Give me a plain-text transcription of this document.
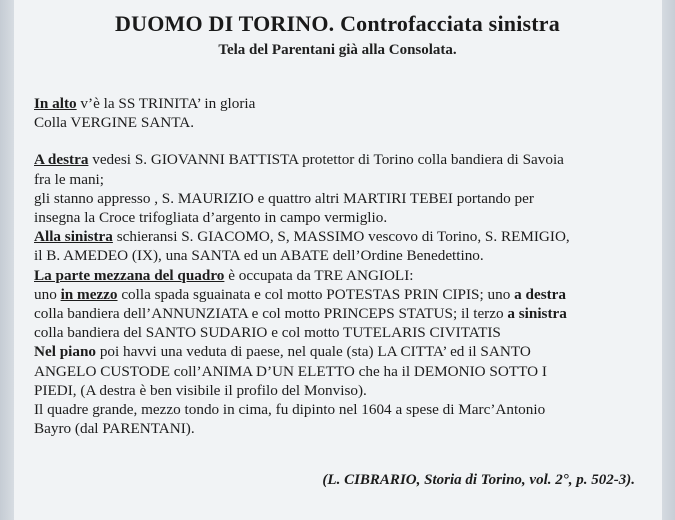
DUOMO DI TORINO. Controfacciata sinistra
Tela del Parentani già alla Consolata.
In alto v’è la SS TRINITA’ in gloria
Colla VERGINE SANTA.
A destra vedesi S. GIOVANNI BATTISTA protettor di Torino colla bandiera di Savoia
fra le mani;
gli stanno appresso , S. MAURIZIO e quattro altri MARTIRI TEBEI portando per
insegna la Croce trifogliata d’argento in campo vermiglio.
Alla sinistra schieransi S. GIACOMO, S, MASSIMO vescovo di Torino, S. REMIGIO,
il B. AMEDEO (IX), una SANTA ed un ABATE dell’Ordine Benedettino.
La parte mezzana del quadro è occupata da TRE ANGIOLI:
uno in mezzo colla spada sguainata e col motto POTESTAS PRIN CIPIS; uno a destra
colla bandiera dell’ANNUNZIATA e col motto PRINCEPS STATUS; il terzo a sinistra
colla bandiera del SANTO SUDARIO e col motto TUTELARIS CIVITATIS
Nel piano poi havvi una veduta di paese, nel quale (sta) LA CITTA’ ed il SANTO
ANGELO CUSTODE coll’ANIMA D’UN ELETTO che ha il DEMONIO SOTTO I
PIEDI, (A destra è ben visibile il profilo del Monviso).
Il quadre grande, mezzo tondo in cima, fu dipinto nel 1604 a spese di Marc’Antonio
Bayro (dal PARENTANI).
(L. CIBRARIO, Storia di Torino, vol. 2°, p. 502-3).
